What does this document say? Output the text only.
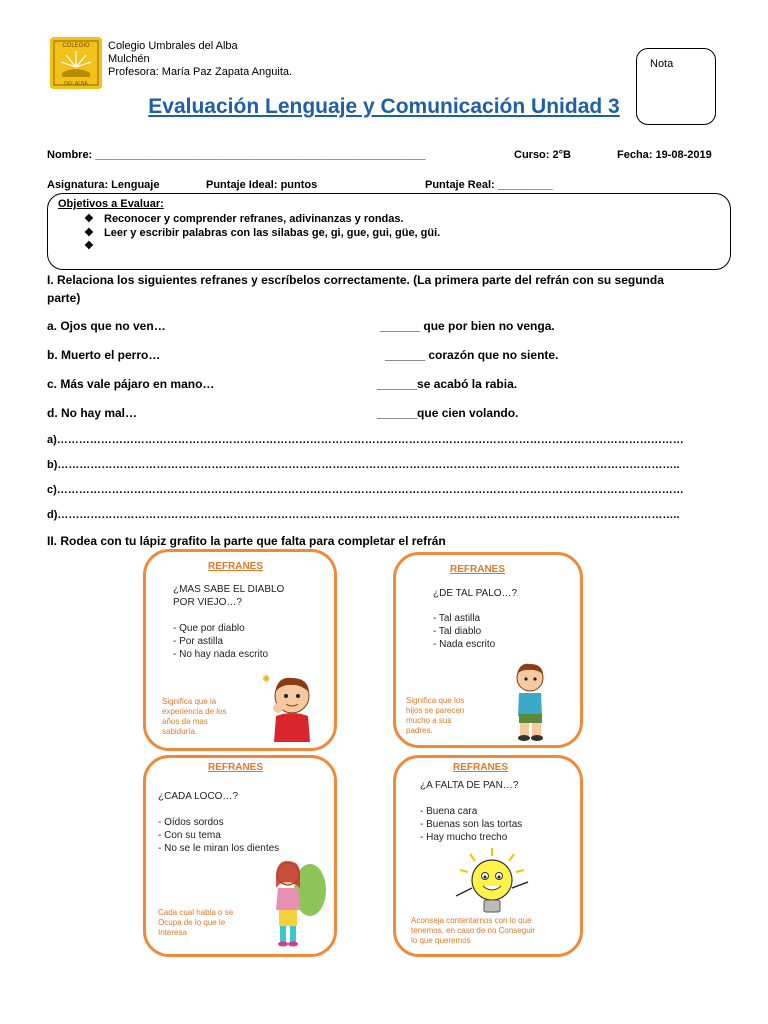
COLEGIO
DEL ALBA
Colegio Umbrales del Alba
Mulchén
Profesora: María Paz Zapata Anguita.
Nota
Evaluación Lenguaje y Comunicación Unidad 3
Nombre: ______________________________________________________	Curso: 2°B	Fecha: 19-08-2019
Asignatura: Lenguaje	Puntaje Ideal: puntos	Puntaje Real: _________
Objetivos a Evaluar:
❖ Reconocer y comprender refranes, adivinanzas y rondas.
❖ Leer y escribir palabras con las silabas ge, gi, gue, gui, güe, güi.
❖
I. Relaciona los siguientes refranes y escríbelos correctamente. (La primera parte del refrán con su segunda
parte)
a. Ojos que no ven…	______ que por bien no venga.
b. Muerto el perro…	______ corazón que no siente.
c. Más vale pájaro en mano…	______se acabó la rabia.
d. No hay mal…	______que cien volando.
a)………………………………………………………………………………………………………………………………………………………
b)……………………………………………………………………………………………………………………………………………………..
c)………………………………………………………………………………………………………………………………………………………
d)……………………………………………………………………………………………………………………………………………………..
II. Rodea con tu lápiz grafito la parte que falta para completar el refrán
REFRANES
¿MAS SABE EL DIABLO
POR VIEJO…?
- Que por diablo
- Por astilla
- No hay nada escrito
Significa que la
experiencia de los
años da mas
sabiduría.
✺
REFRANES
¿DE TAL PALO…?
- Tal astilla
- Tal diablo
- Nada escrito
Significa que los
hijos se parecen
mucho a sus
padres.
REFRANES
¿CADA LOCO…?
- Oídos sordos
- Con su tema
- No se le miran los dientes
Cada cual habla o se
Ocupa de lo que le
Interesa
REFRANES
¿A FALTA DE PAN…?
- Buena cara
- Buenas son las tortas
- Hay mucho trecho
Aconseja contentarnos con lo que
tenemos, en caso de no Conseguir
lo que queremos
